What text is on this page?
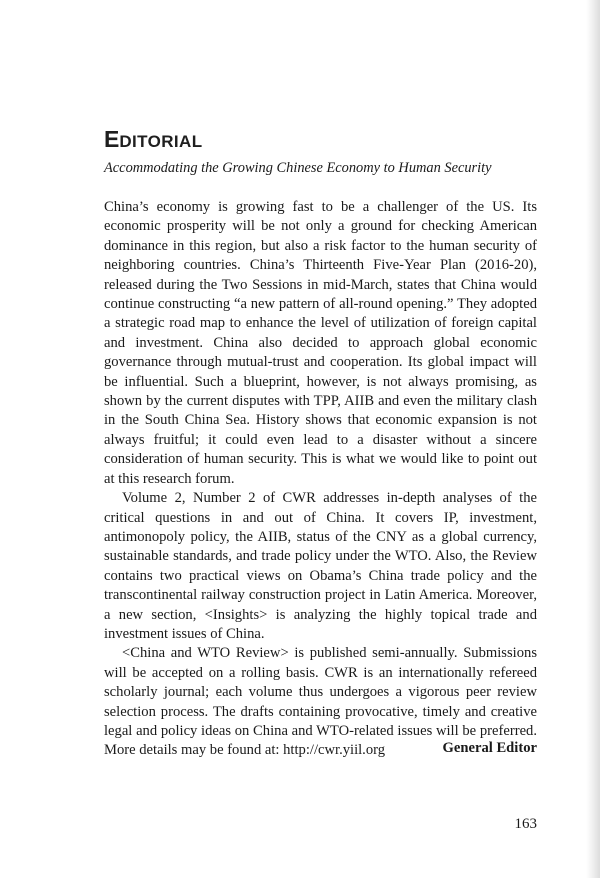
EDITORIAL

Accommodating the Growing Chinese Economy to Human Security

China’s economy is growing fast to be a challenger of the US. Its economic prosperity will be not only a ground for checking American dominance in this region, but also a risk factor to the human security of neighboring countries. China’s Thirteenth Five-Year Plan (2016-20), released during the Two Sessions in mid-March, states that China would continue constructing “a new pattern of all-round opening.” They adopted a strategic road map to enhance the level of utilization of foreign capital and investment. China also decided to approach global economic governance through mutual-trust and cooperation. Its global impact will be influential. Such a blueprint, however, is not always promising, as shown by the current disputes with TPP, AIIB and even the military clash in the South China Sea. History shows that economic expansion is not always fruitful; it could even lead to a disaster without a sincere consideration of human security. This is what we would like to point out at this research forum.

Volume 2, Number 2 of CWR addresses in-depth analyses of the critical questions in and out of China. It covers IP, investment, antimonopoly policy, the AIIB, status of the CNY as a global currency, sustainable standards, and trade policy under the WTO. Also, the Review contains two practical views on Obama’s China trade policy and the transcontinental railway construction project in Latin America. Moreover, a new section, <Insights> is analyzing the highly topical trade and investment issues of China.

<China and WTO Review> is published semi-annually. Submissions will be accepted on a rolling basis. CWR is an internationally refereed scholarly journal; each volume thus undergoes a vigorous peer review selection process. The drafts containing provocative, timely and creative legal and policy ideas on China and WTO-related issues will be preferred. More details may be found at: http://cwr.yiil.org	General Editor

163
